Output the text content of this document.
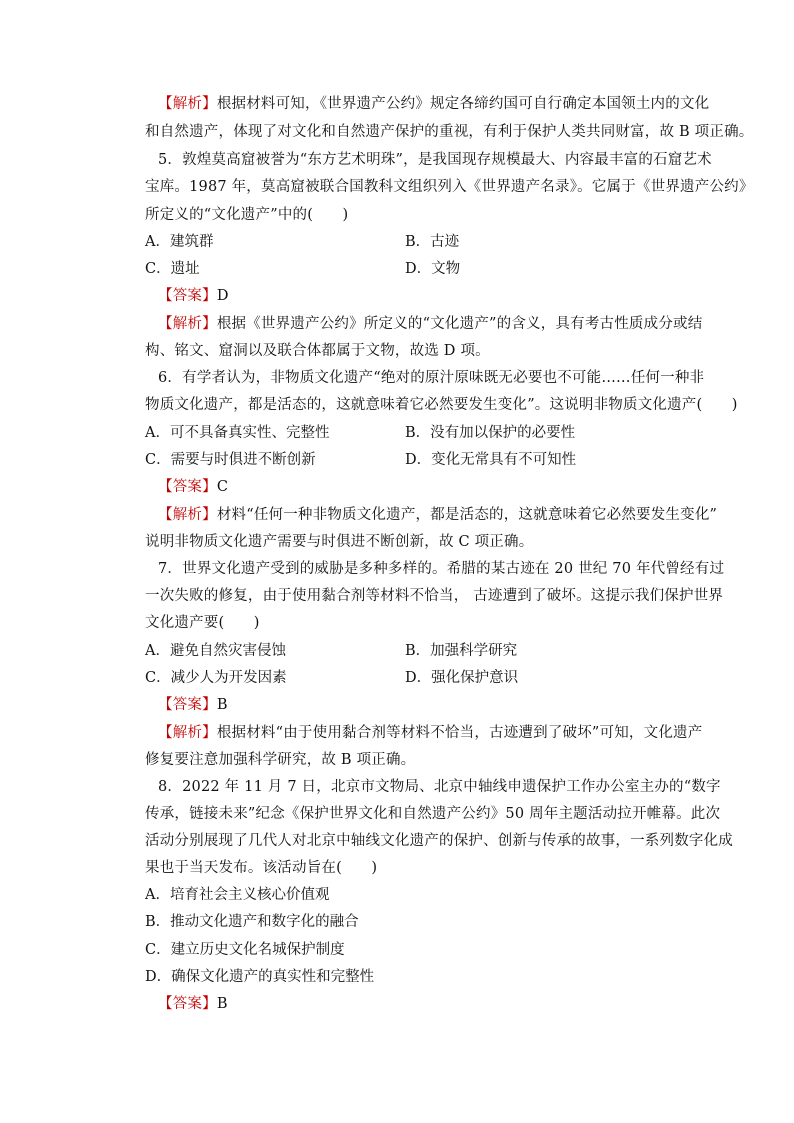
【解析】根据材料可知，《世界遗产公约》规定各缔约国可自行确定本国领土内的文化
和自然遗产，体现了对文化和自然遗产保护的重视，有利于保护人类共同财富，故 B 项正确。
5．敦煌莫高窟被誉为“东方艺术明珠”，是我国现存规模最大、内容最丰富的石窟艺术
宝库。1987 年，莫高窟被联合国教科文组织列入《世界遗产名录》。它属于《世界遗产公约》
所定义的“文化遗产”中的(　　)
A．建筑群	B．古迹
C．遗址	D．文物
【答案】D
【解析】根据《世界遗产公约》所定义的“文化遗产”的含义，具有考古性质成分或结
构、铭文、窟洞以及联合体都属于文物，故选 D 项。
6．有学者认为，非物质文化遗产“绝对的原汁原味既无必要也不可能……任何一种非
物质文化遗产，都是活态的，这就意味着它必然要发生变化”。这说明非物质文化遗产(　　)
A．可不具备真实性、完整性	B．没有加以保护的必要性
C．需要与时俱进不断创新	D．变化无常具有不可知性
【答案】C
【解析】材料“任何一种非物质文化遗产，都是活态的，这就意味着它必然要发生变化”
说明非物质文化遗产需要与时俱进不断创新，故 C 项正确。
7．世界文化遗产受到的威胁是多种多样的。希腊的某古迹在 20 世纪 70 年代曾经有过
一次失败的修复，由于使用黏合剂等材料不恰当， 古迹遭到了破坏。这提示我们保护世界
文化遗产要(　　)
A．避免自然灾害侵蚀	B．加强科学研究
C．减少人为开发因素	D．强化保护意识
【答案】B
【解析】根据材料“由于使用黏合剂等材料不恰当，古迹遭到了破坏”可知，文化遗产
修复要注意加强科学研究，故 B 项正确。
8．2022 年 11 月 7 日，北京市文物局、北京中轴线申遗保护工作办公室主办的“数字
传承，链接未来”纪念《保护世界文化和自然遗产公约》50 周年主题活动拉开帷幕。此次
活动分别展现了几代人对北京中轴线文化遗产的保护、创新与传承的故事，一系列数字化成
果也于当天发布。该活动旨在(　　)
A．培育社会主义核心价值观
B．推动文化遗产和数字化的融合
C．建立历史文化名城保护制度
D．确保文化遗产的真实性和完整性
【答案】B
